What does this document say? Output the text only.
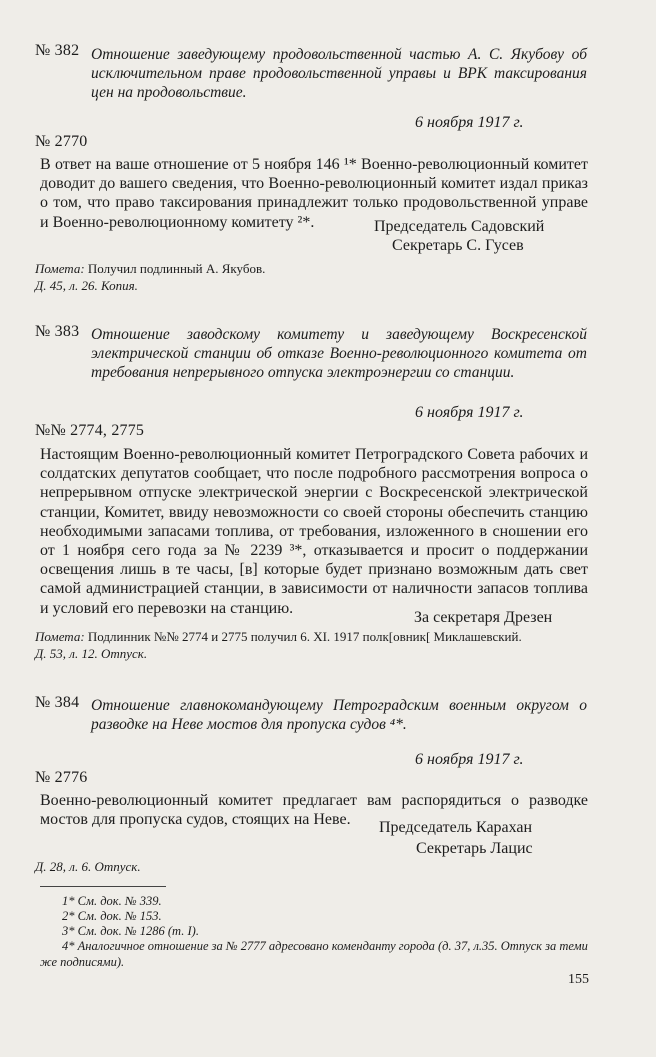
№ 382 Отношение заведующему продовольственной частью А. С. Якубову об исключительном праве продовольственной управы и ВРК таксирования цен на продовольствие.
6 ноября 1917 г.
№ 2770
В ответ на ваше отношение от 5 ноября 146 ¹* Военно-революционный комитет доводит до вашего сведения, что Военно-революционный комитет издал приказ о том, что право таксирования принадлежит только продовольственной управе и Военно-революционному комитету ²*.	Председатель Садовский
Секретарь С. Гусев
Помета: Получил подлинный А. Якубов.
Д. 45, л. 26. Копия.
№ 383 Отношение заводскому комитету и заведующему Воскресенской электрической станции об отказе Военно-революционного комитета от требования непрерывного отпуска электроэнергии со станции.
6 ноября 1917 г.
№№ 2774, 2775
Настоящим Военно-революционный комитет Петроградского Совета рабочих и солдатских депутатов сообщает, что после подробного рассмотрения вопроса о непрерывном отпуске электрической энергии с Воскресенской электрической станции, Комитет, ввиду невозможности со своей стороны обеспечить станцию необходимыми запасами топлива, от требования, изложенного в сношении его от 1 ноября сего года за № 2239 ³*, отказывается и просит о поддержании освещения лишь в те часы, [в] которые будет признано возможным дать свет самой администрацией станции, в зависимости от наличности запасов топлива и условий его перевозки на станцию.
За секретаря Дрезен
Помета: Подлинник №№ 2774 и 2775 получил 6. XI. 1917 полк[овник[ Миклашевский.
Д. 53, л. 12. Отпуск.
№ 384 Отношение главнокомандующему Петроградским военным округом о разводке на Неве мостов для пропуска судов ⁴*.
6 ноября 1917 г.
№ 2776
Военно-революционный комитет предлагает вам распорядиться о разводке мостов для пропуска судов, стоящих на Неве.	Председатель Карахан
Секретарь Лацис
Д. 28, л. 6. Отпуск.
1* См. док. № 339.
2* См. док. № 153.
3* См. док. № 1286 (т. I).
4* Аналогичное отношение за № 2777 адресовано коменданту города (д. 37, л.35. Отпуск за теми же подписями).
155
